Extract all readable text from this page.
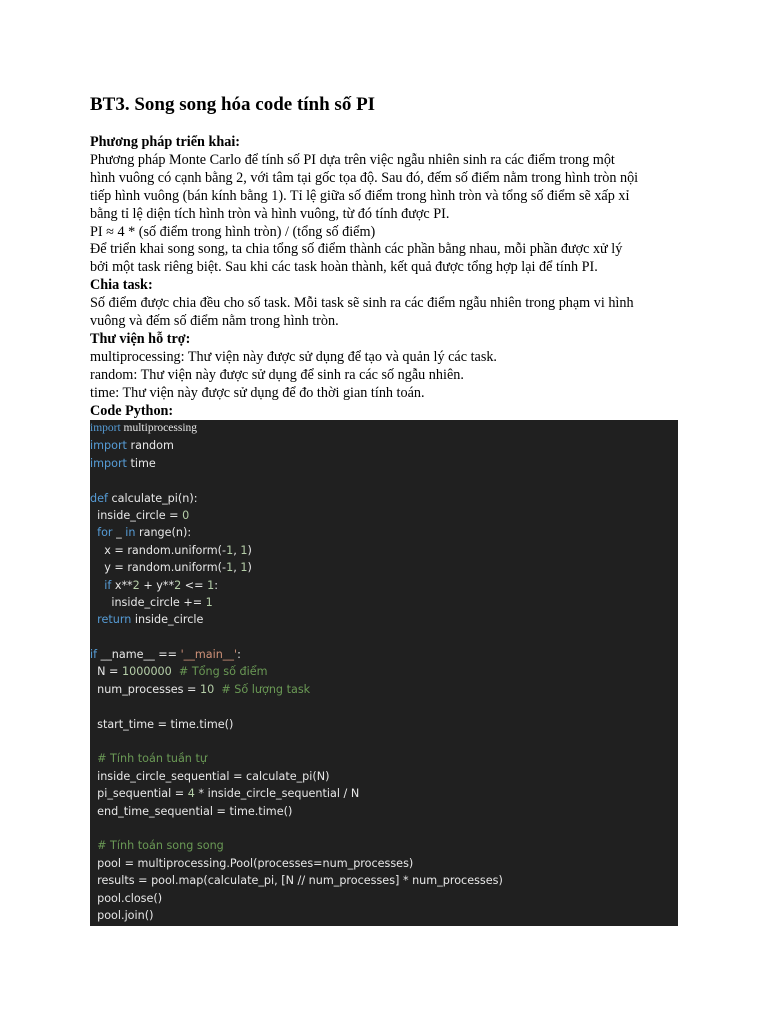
BT3. Song song hóa code tính số PI

Phương pháp triển khai:

Phương pháp Monte Carlo để tính số PI dựa trên việc ngẫu nhiên sinh ra các điểm trong một

hình vuông có cạnh bằng 2, với tâm tại gốc tọa độ. Sau đó, đếm số điểm nằm trong hình tròn nội

tiếp hình vuông (bán kính bằng 1). Tỉ lệ giữa số điểm trong hình tròn và tổng số điểm sẽ xấp xỉ

bằng tỉ lệ diện tích hình tròn và hình vuông, từ đó tính được PI.

PI ≈ 4 * (số điểm trong hình tròn) / (tổng số điểm)

Để triển khai song song, ta chia tổng số điểm thành các phần bằng nhau, mỗi phần được xử lý

bởi một task riêng biệt. Sau khi các task hoàn thành, kết quả được tổng hợp lại để tính PI.

Chia task:

Số điểm được chia đều cho số task. Mỗi task sẽ sinh ra các điểm ngẫu nhiên trong phạm vi hình

vuông và đếm số điểm nằm trong hình tròn.

Thư viện hỗ trợ:

multiprocessing: Thư viện này được sử dụng để tạo và quản lý các task.

random: Thư viện này được sử dụng để sinh ra các số ngẫu nhiên.

time: Thư viện này được sử dụng để đo thời gian tính toán.

Code Python:

import multiprocessing
import random
import time
def calculate_pi(n):
inside_circle = 0
for _ in range(n):
x = random.uniform(-1, 1)
y = random.uniform(-1, 1)
if x**2 + y**2 <= 1:
inside_circle += 1
return inside_circle
if __name__ == '__main__':
N = 1000000 # Tổng số điểm
num_processes = 10 # Số lượng task
start_time = time.time()
# Tính toán tuần tự
inside_circle_sequential = calculate_pi(N)
pi_sequential = 4 * inside_circle_sequential / N
end_time_sequential = time.time()
# Tính toán song song
pool = multiprocessing.Pool(processes=num_processes)
results = pool.map(calculate_pi, [N // num_processes] * num_processes)
pool.close()
pool.join()
